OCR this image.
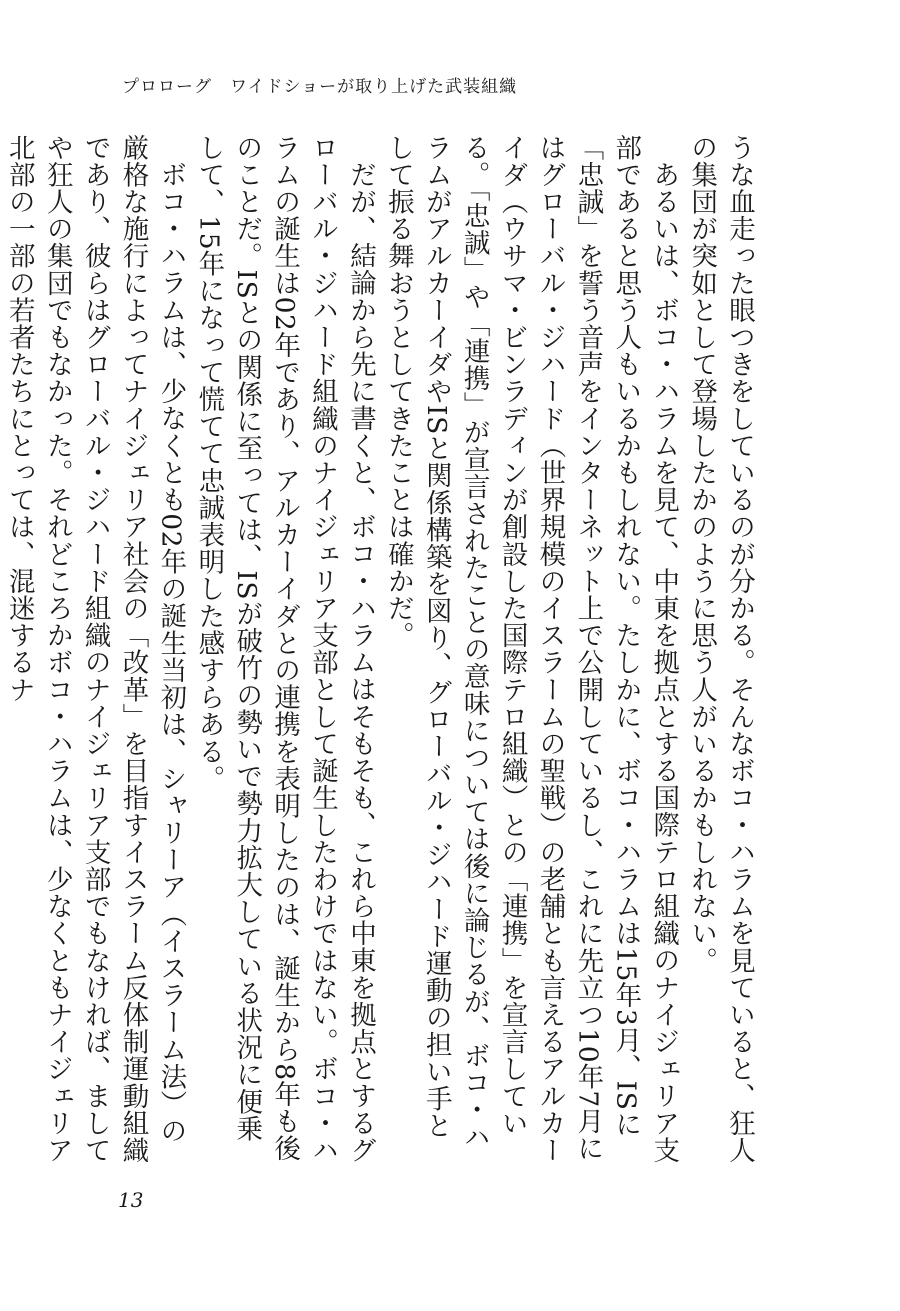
プロローグ　ワイドショーが取り上げた武装組織

うな血走った眼つきをしているのが分かる。そんなボコ・ハラムを見ていると、狂人の集団が突如として登場したかのように思う人がいるかもしれない。

あるいは、ボコ・ハラムを見て、中東を拠点とする国際テロ組織のナイジェリア支部であると思う人もいるかもしれない。たしかに、ボコ・ハラムは15年3月、ISに「忠誠」を誓う音声をインターネット上で公開しているし、これに先立つ10年7月にはグローバル・ジハード（世界規模のイスラームの聖戦）の老舗とも言えるアルカーイダ（ウサマ・ビンラディンが創設した国際テロ組織）との「連携」を宣言している。「忠誠」や「連携」が宣言されたことの意味については後に論じるが、ボコ・ハラムがアルカーイダやISと関係構築を図り、グローバル・ジハード運動の担い手として振る舞おうとしてきたことは確かだ。

だが、結論から先に書くと、ボコ・ハラムはそもそも、これら中東を拠点とするグローバル・ジハード組織のナイジェリア支部として誕生したわけではない。ボコ・ハラムの誕生は02年であり、アルカーイダとの連携を表明したのは、誕生から8年も後のことだ。ISとの関係に至っては、ISが破竹の勢いで勢力拡大している状況に便乗して、15年になって慌てて忠誠表明した感すらある。

ボコ・ハラムは、少なくとも02年の誕生当初は、シャリーア（イスラーム法）の厳格な施行によってナイジェリア社会の「改革」を目指すイスラーム反体制運動組織であり、彼らはグローバル・ジハード組織のナイジェリア支部でもなければ、ましてや狂人の集団でもなかった。それどころかボコ・ハラムは、少なくともナイジェリア北部の一部の若者たちにとっては、混迷するナ

13
